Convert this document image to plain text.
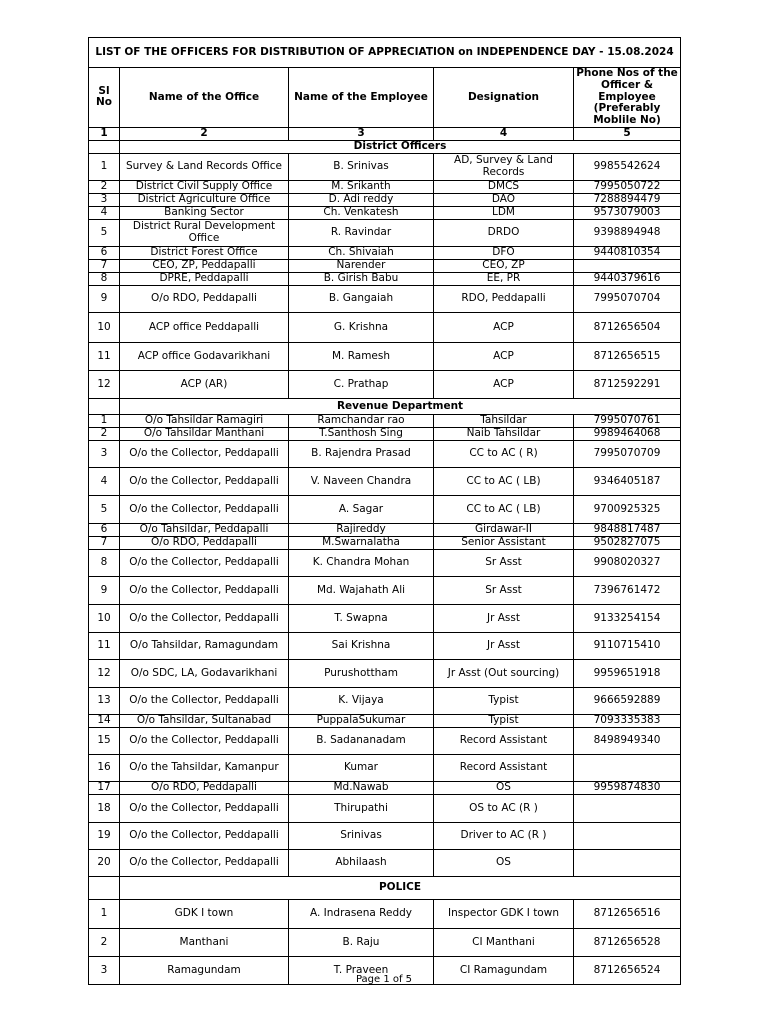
LIST OF THE OFFICERS FOR DISTRIBUTION OF APPRECIATION on INDEPENDENCE DAY - 15.08.2024				
Sl No	Name of the Office	Name of the Employee	Designation	Phone Nos of the Officer & Employee (Preferably Moblile No)
1	2	3	4	5
	District Officers			
1	Survey & Land Records Office	B. Srinivas	AD, Survey & Land Records	9985542624
2	District Civil Supply Office	M. Srikanth	DMCS	7995050722
3	District Agriculture Office	D. Adi reddy	DAO	7288894479
4	Banking Sector	Ch. Venkatesh	LDM	9573079003
5	District Rural Development Office	R. Ravindar	DRDO	9398894948
6	District Forest Office	Ch. Shivaiah	DFO	9440810354
7	CEO, ZP, Peddapalli	Narender	CEO, ZP	
8	DPRE, Peddapalli	B. Girish Babu	EE, PR	9440379616
9	O/o RDO, Peddapalli	B. Gangaiah	RDO, Peddapalli	7995070704
10	ACP office Peddapalli	G. Krishna	ACP	8712656504
11	ACP office Godavarikhani	M. Ramesh	ACP	8712656515
12	ACP (AR)	C. Prathap	ACP	8712592291
	Revenue Department			
1	O/o Tahsildar Ramagiri	Ramchandar rao	Tahsildar	7995070761
2	O/o Tahsildar Manthani	T.Santhosh Sing	Naib Tahsildar	9989464068
3	O/o the Collector, Peddapalli	B. Rajendra Prasad	CC to AC ( R)	7995070709
4	O/o the Collector, Peddapalli	V. Naveen Chandra	CC to AC ( LB)	9346405187
5	O/o the Collector, Peddapalli	A. Sagar	CC to AC ( LB)	9700925325
6	O/o Tahsildar, Peddapalli	Rajireddy	Girdawar-II	9848817487
7	O/o RDO, Peddapalli	M.Swarnalatha	Senior Assistant	9502827075
8	O/o the Collector, Peddapalli	K. Chandra Mohan	Sr Asst	9908020327
9	O/o the Collector, Peddapalli	Md. Wajahath Ali	Sr Asst	7396761472
10	O/o the Collector, Peddapalli	T. Swapna	Jr Asst	9133254154
11	O/o Tahsildar, Ramagundam	Sai Krishna	Jr Asst	9110715410
12	O/o SDC, LA, Godavarikhani	Purushottham	Jr Asst (Out sourcing)	9959651918
13	O/o the Collector, Peddapalli	K. Vijaya	Typist	9666592889
14	O/o Tahsildar, Sultanabad	PuppalaSukumar	Typist	7093335383
15	O/o the Collector, Peddapalli	B. Sadananadam	Record Assistant	8498949340
16	O/o the Tahsildar, Kamanpur	Kumar	Record Assistant	
17	O/o RDO, Peddapalli	Md.Nawab	OS	9959874830
18	O/o the Collector, Peddapalli	Thirupathi	OS to AC (R )	
19	O/o the Collector, Peddapalli	Srinivas	Driver to AC (R )	
20	O/o the Collector, Peddapalli	Abhilaash	OS	
	POLICE			
1	GDK I town	A. Indrasena Reddy	Inspector GDK I town	8712656516
2	Manthani	B. Raju	CI Manthani	8712656528
3	Ramagundam	T. Praveen	CI Ramagundam	8712656524
Page 1 of 5
